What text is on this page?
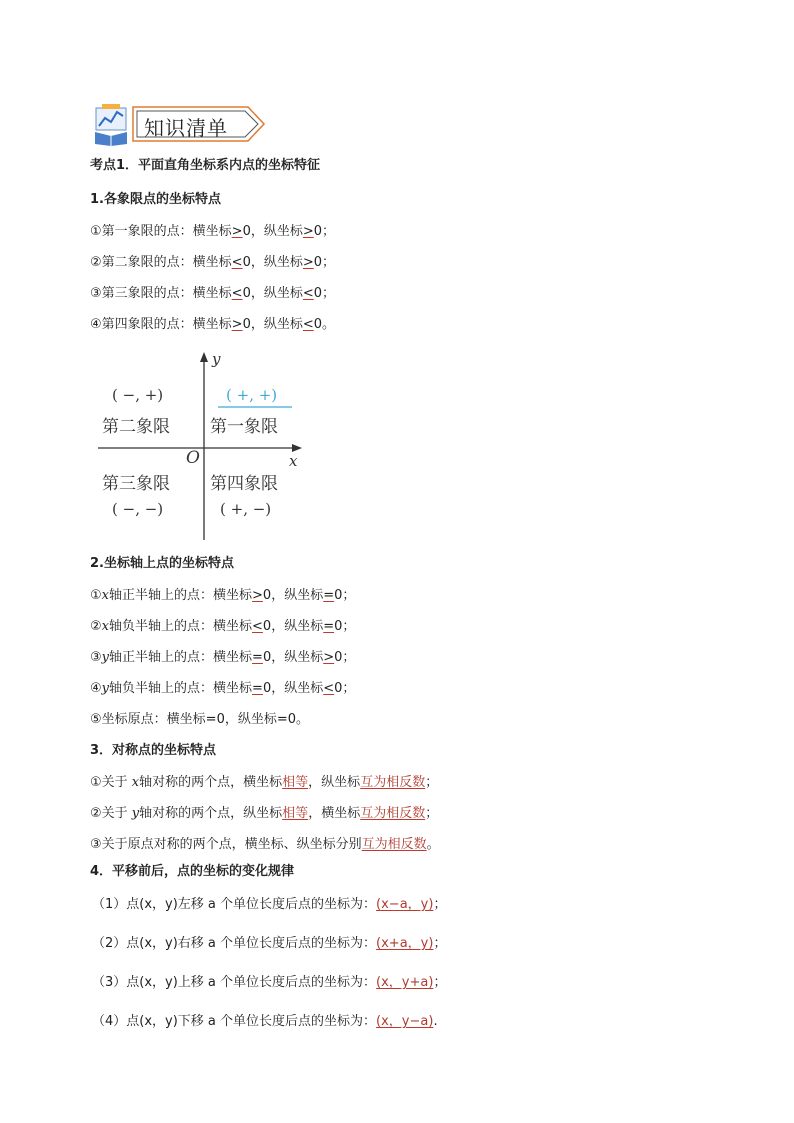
知识清单
考点1．平面直角坐标系内点的坐标特征
1.各象限点的坐标特点
①第一象限的点：横坐标>0，纵坐标>0；
②第二象限的点：横坐标<0，纵坐标>0；
③第三象限的点：横坐标<0，纵坐标<0；
④第四象限的点：横坐标>0，纵坐标<0。
y
x
O
( −, +)
第二象限
( +, +)
第一象限
第三象限
( −, −)
第四象限
( +, −)
2.坐标轴上点的坐标特点
①x轴正半轴上的点：横坐标>0，纵坐标=0；
②x轴负半轴上的点：横坐标<0，纵坐标=0；
③y轴正半轴上的点：横坐标=0，纵坐标>0；
④y轴负半轴上的点：横坐标=0，纵坐标<0；
⑤坐标原点：横坐标=0，纵坐标=0。
3．对称点的坐标特点
①关于 x轴对称的两个点，横坐标相等，纵坐标互为相反数；
②关于 y轴对称的两个点，纵坐标相等，横坐标互为相反数；
③关于原点对称的两个点，横坐标、纵坐标分别互为相反数。
4．平移前后，点的坐标的变化规律
（1）点(x，y)左移 a 个单位长度后点的坐标为：(x−a，y)；
（2）点(x，y)右移 a 个单位长度后点的坐标为：(x+a，y)；
（3）点(x，y)上移 a 个单位长度后点的坐标为：(x，y+a)；
（4）点(x，y)下移 a 个单位长度后点的坐标为：(x，y−a).
